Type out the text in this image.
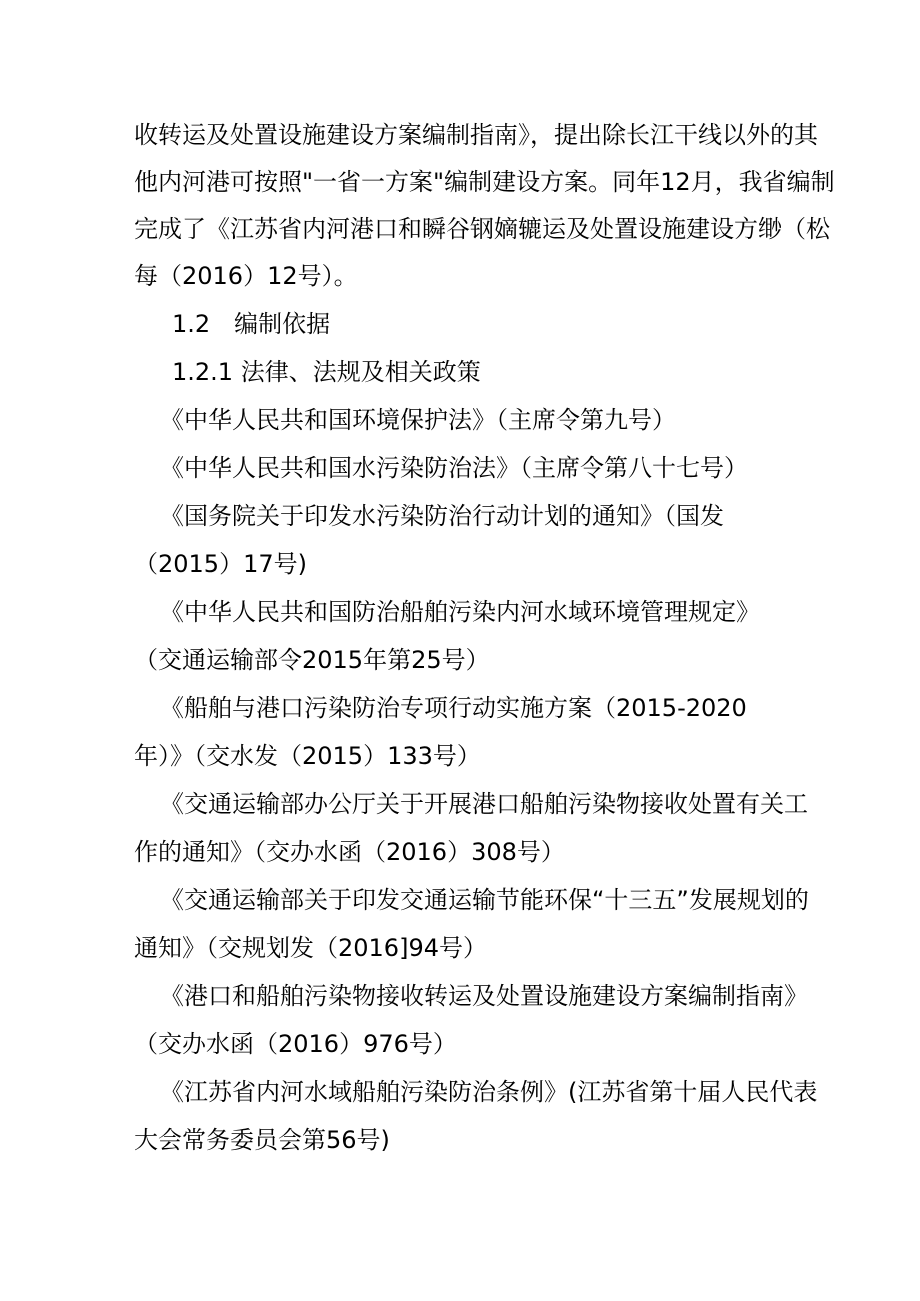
收转运及处置设施建设方案编制指南》，提出除长江干线以外的其
他内河港可按照"一省一方案"编制建设方案。同年12月，我省编制
完成了《江苏省内河港口和瞬谷钢嫡辘运及处置设施建设方缈（松
每（2016）12号）。
1.2　编制依据
1.2.1 法律、法规及相关政策
《中华人民共和国环境保护法》（主席令第九号）
《中华人民共和国水污染防治法》（主席令第八十七号）
《国务院关于印发水污染防治行动计划的通知》（国发
（2015）17号)
《中华人民共和国防治船舶污染内河水域环境管理规定》
（交通运输部令2015年第25号）
《船舶与港口污染防治专项行动实施方案（2015-2020
年）》（交水发（2015）133号）
《交通运输部办公厅关于开展港口船舶污染物接收处置有关工
作的通知》（交办水函（2016）308号）
《交通运输部关于印发交通运输节能环保“十三五”发展规划的
通知》（交规划发（2016]94号）
《港口和船舶污染物接收转运及处置设施建设方案编制指南》
（交办水函（2016）976号）
《江苏省内河水域船舶污染防治条例》(江苏省第十届人民代表
大会常务委员会第56号)
